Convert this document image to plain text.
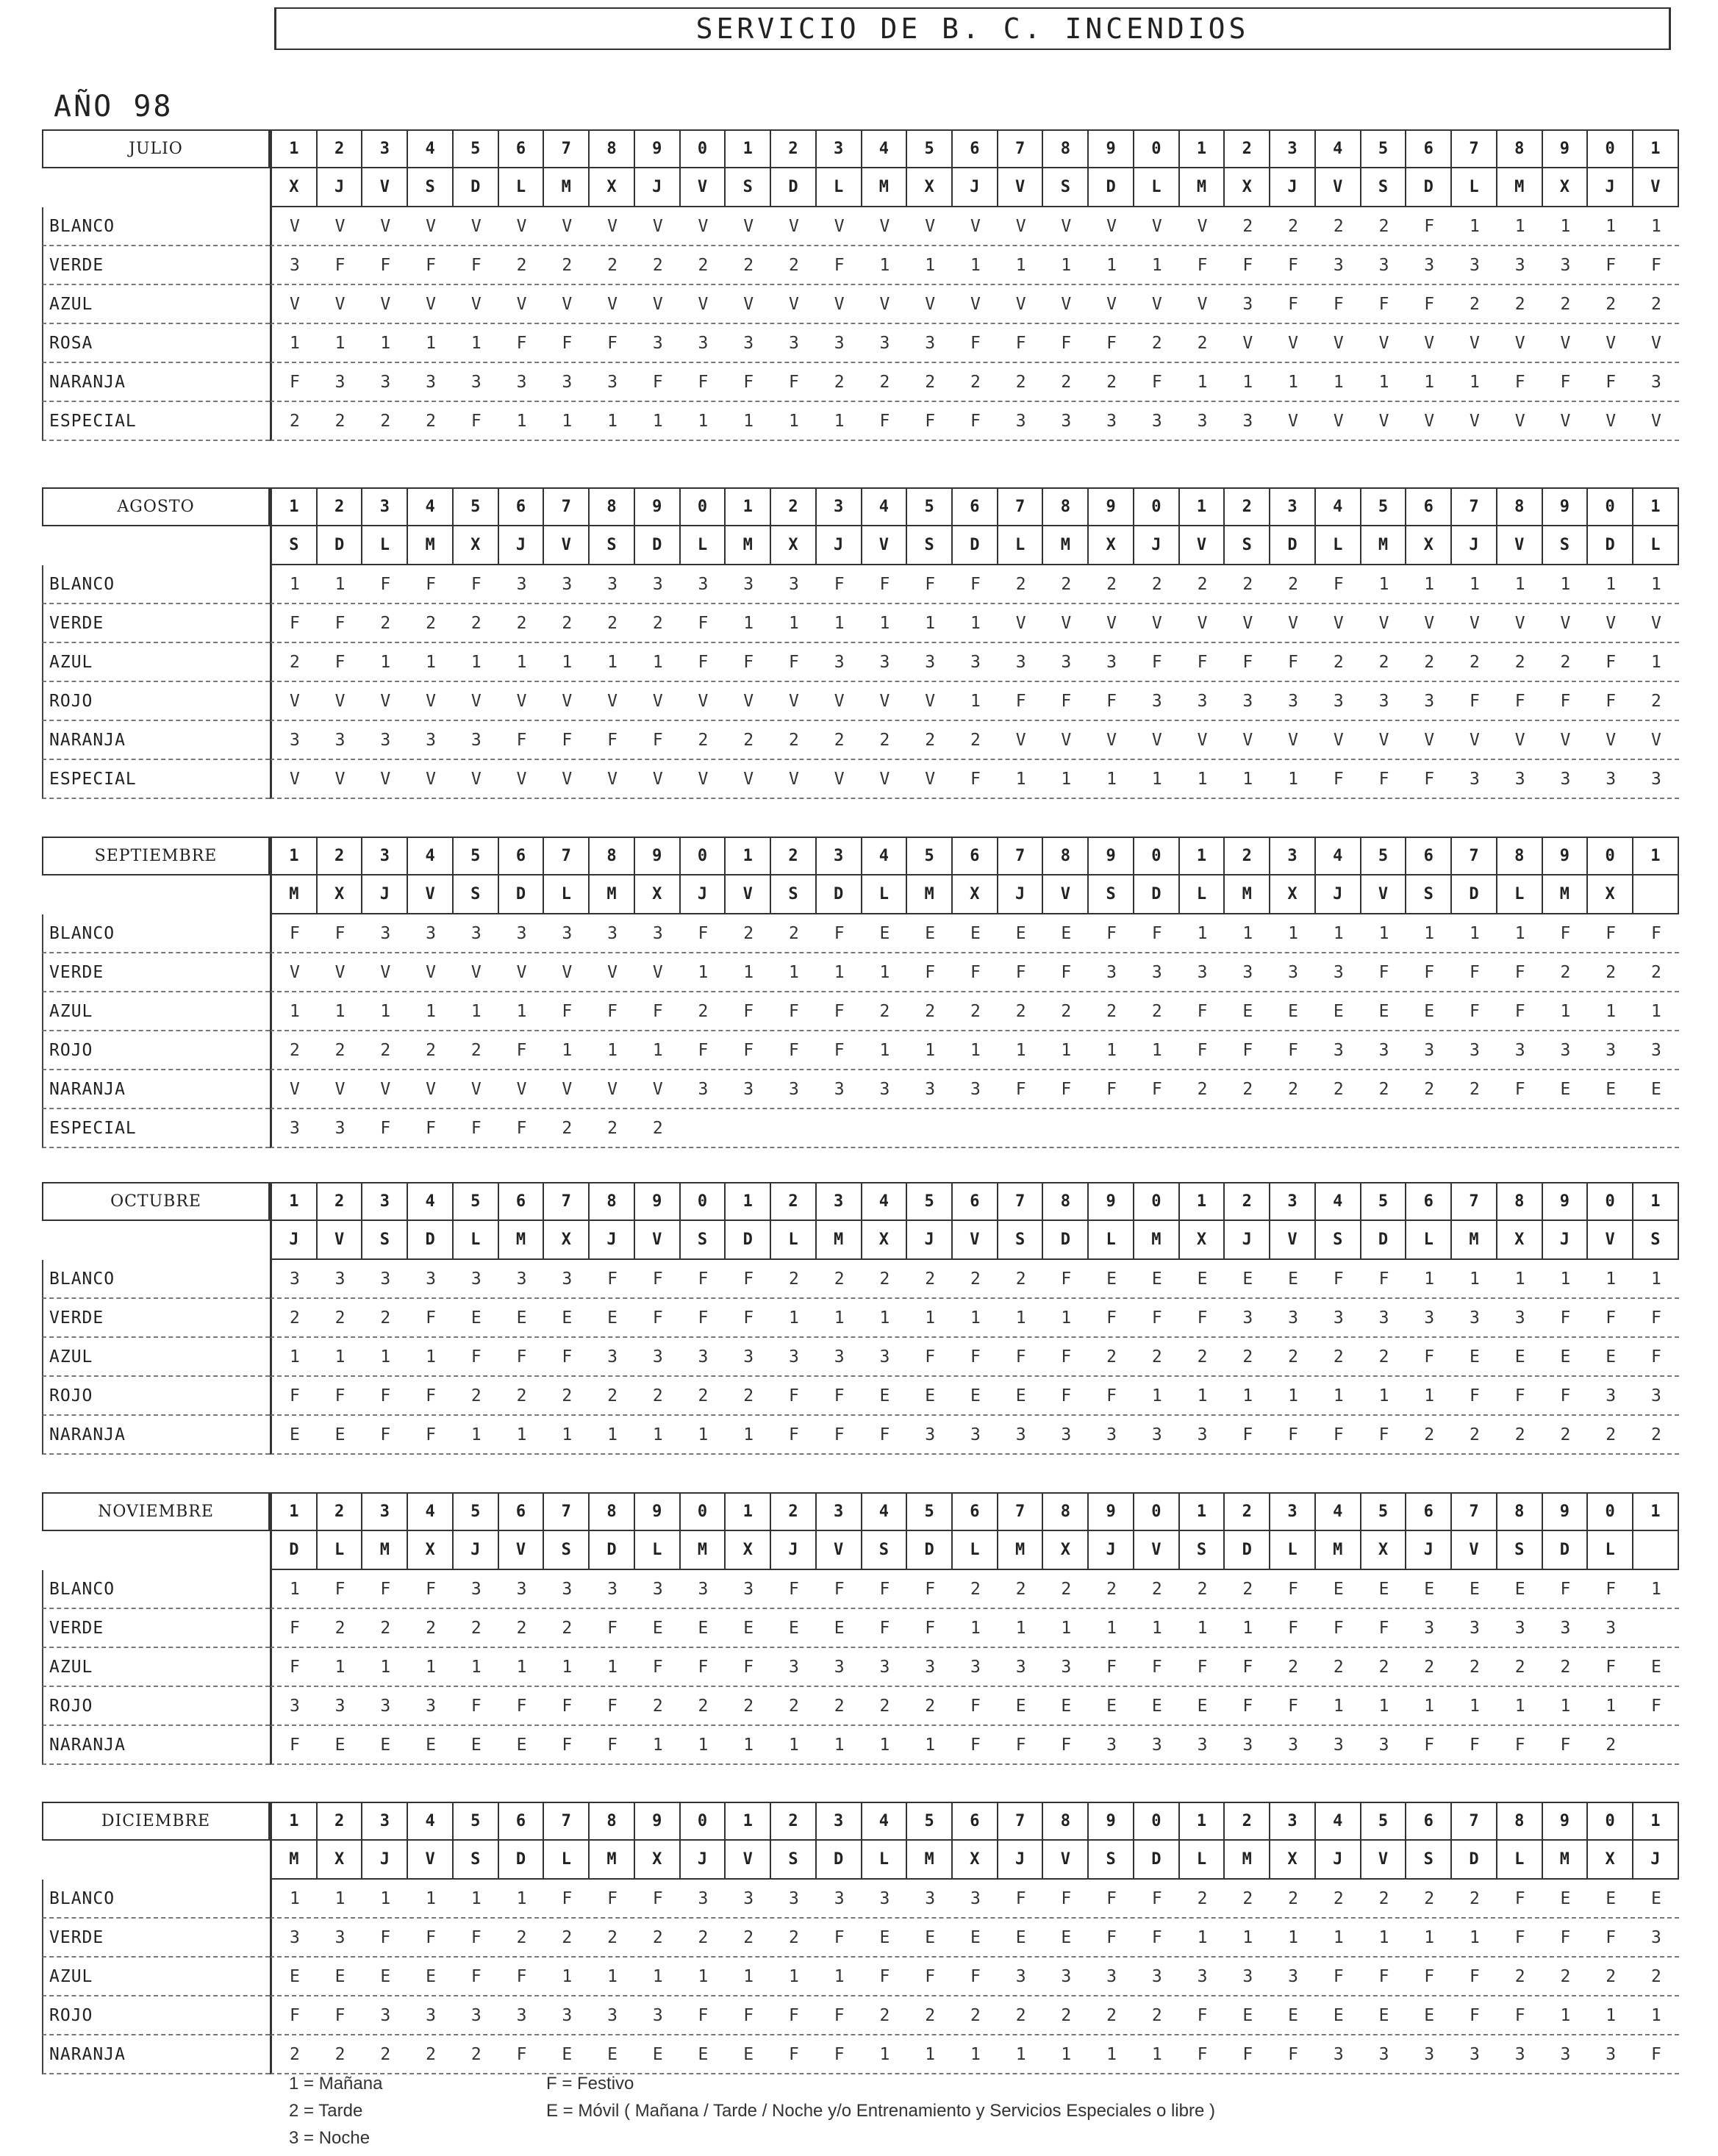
SERVICIO DE B. C. INCENDIOS
AÑO 98
JULIO	1	2	3	4	5	6	7	8	9	0	1	2	3	4	5	6	7	8	9	0	1	2	3	4	5	6	7	8	9	0	1
X	J	V	S	D	L	M	X	J	V	S	D	L	M	X	J	V	S	D	L	M	X	J	V	S	D	L	M	X	J	V
BLANCO	V	V	V	V	V	V	V	V	V	V	V	V	V	V	V	V	V	V	V	V	V	2	2	2	2	F	1	1	1	1	1
VERDE	3	F	F	F	F	2	2	2	2	2	2	2	F	1	1	1	1	1	1	1	F	F	F	3	3	3	3	3	3	F	F
AZUL	V	V	V	V	V	V	V	V	V	V	V	V	V	V	V	V	V	V	V	V	V	3	F	F	F	F	2	2	2	2	2
ROSA	1	1	1	1	1	F	F	F	3	3	3	3	3	3	3	F	F	F	F	2	2	V	V	V	V	V	V	V	V	V	V
NARANJA	F	3	3	3	3	3	3	3	F	F	F	F	2	2	2	2	2	2	2	F	1	1	1	1	1	1	1	F	F	F	3
ESPECIAL	2	2	2	2	F	1	1	1	1	1	1	1	1	F	F	F	3	3	3	3	3	3	V	V	V	V	V	V	V	V	V
AGOSTO	1	2	3	4	5	6	7	8	9	0	1	2	3	4	5	6	7	8	9	0	1	2	3	4	5	6	7	8	9	0	1
S	D	L	M	X	J	V	S	D	L	M	X	J	V	S	D	L	M	X	J	V	S	D	L	M	X	J	V	S	D	L
BLANCO	1	1	F	F	F	3	3	3	3	3	3	3	F	F	F	F	2	2	2	2	2	2	2	F	1	1	1	1	1	1	1
VERDE	F	F	2	2	2	2	2	2	2	F	1	1	1	1	1	1	V	V	V	V	V	V	V	V	V	V	V	V	V	V	V
AZUL	2	F	1	1	1	1	1	1	1	F	F	F	3	3	3	3	3	3	3	F	F	F	F	2	2	2	2	2	2	F	1
ROJO	V	V	V	V	V	V	V	V	V	V	V	V	V	V	V	1	F	F	F	3	3	3	3	3	3	3	F	F	F	F	2
NARANJA	3	3	3	3	3	F	F	F	F	2	2	2	2	2	2	2	V	V	V	V	V	V	V	V	V	V	V	V	V	V	V
ESPECIAL	V	V	V	V	V	V	V	V	V	V	V	V	V	V	V	F	1	1	1	1	1	1	1	F	F	F	3	3	3	3	3
SEPTIEMBRE	1	2	3	4	5	6	7	8	9	0	1	2	3	4	5	6	7	8	9	0	1	2	3	4	5	6	7	8	9	0	1
M	X	J	V	S	D	L	M	X	J	V	S	D	L	M	X	J	V	S	D	L	M	X	J	V	S	D	L	M	X
BLANCO	F	F	3	3	3	3	3	3	3	F	2	2	F	E	E	E	E	E	F	F	1	1	1	1	1	1	1	1	F	F	F
VERDE	V	V	V	V	V	V	V	V	V	1	1	1	1	1	F	F	F	F	3	3	3	3	3	3	F	F	F	F	2	2	2
AZUL	1	1	1	1	1	1	F	F	F	2	F	F	F	2	2	2	2	2	2	2	F	E	E	E	E	E	F	F	1	1	1
ROJO	2	2	2	2	2	F	1	1	1	F	F	F	F	1	1	1	1	1	1	1	F	F	F	3	3	3	3	3	3	3	3
NARANJA	V	V	V	V	V	V	V	V	V	3	3	3	3	3	3	3	F	F	F	F	2	2	2	2	2	2	2	F	E	E	E
ESPECIAL	3	3	F	F	F	F	2	2	2
OCTUBRE	1	2	3	4	5	6	7	8	9	0	1	2	3	4	5	6	7	8	9	0	1	2	3	4	5	6	7	8	9	0	1
J	V	S	D	L	M	X	J	V	S	D	L	M	X	J	V	S	D	L	M	X	J	V	S	D	L	M	X	J	V	S
BLANCO	3	3	3	3	3	3	3	F	F	F	F	2	2	2	2	2	2	F	E	E	E	E	E	F	F	1	1	1	1	1	1
VERDE	2	2	2	F	E	E	E	E	F	F	F	1	1	1	1	1	1	1	F	F	F	3	3	3	3	3	3	3	F	F	F
AZUL	1	1	1	1	F	F	F	3	3	3	3	3	3	3	F	F	F	F	2	2	2	2	2	2	2	F	E	E	E	E	F
ROJO	F	F	F	F	2	2	2	2	2	2	2	F	F	E	E	E	E	F	F	1	1	1	1	1	1	1	F	F	F	3	3
NARANJA	E	E	F	F	1	1	1	1	1	1	1	F	F	F	3	3	3	3	3	3	3	F	F	F	F	2	2	2	2	2	2
NOVIEMBRE	1	2	3	4	5	6	7	8	9	0	1	2	3	4	5	6	7	8	9	0	1	2	3	4	5	6	7	8	9	0	1
D	L	M	X	J	V	S	D	L	M	X	J	V	S	D	L	M	X	J	V	S	D	L	M	X	J	V	S	D	L
BLANCO	1	F	F	F	3	3	3	3	3	3	3	F	F	F	F	2	2	2	2	2	2	2	F	E	E	E	E	E	F	F	1
VERDE	F	2	2	2	2	2	2	F	E	E	E	E	E	F	F	1	1	1	1	1	1	1	F	F	F	3	3	3	3	3
AZUL	F	1	1	1	1	1	1	1	F	F	F	3	3	3	3	3	3	3	F	F	F	F	2	2	2	2	2	2	2	F	E
ROJO	3	3	3	3	F	F	F	F	2	2	2	2	2	2	2	F	E	E	E	E	E	F	F	1	1	1	1	1	1	1	F
NARANJA	F	E	E	E	E	E	F	F	1	1	1	1	1	1	1	F	F	F	3	3	3	3	3	3	3	F	F	F	F	2
DICIEMBRE	1	2	3	4	5	6	7	8	9	0	1	2	3	4	5	6	7	8	9	0	1	2	3	4	5	6	7	8	9	0	1
M	X	J	V	S	D	L	M	X	J	V	S	D	L	M	X	J	V	S	D	L	M	X	J	V	S	D	L	M	X	J
BLANCO	1	1	1	1	1	1	F	F	F	3	3	3	3	3	3	3	F	F	F	F	2	2	2	2	2	2	2	F	E	E	E
VERDE	3	3	F	F	F	2	2	2	2	2	2	2	F	E	E	E	E	E	F	F	1	1	1	1	1	1	1	F	F	F	3
AZUL	E	E	E	E	F	F	1	1	1	1	1	1	1	F	F	F	3	3	3	3	3	3	3	F	F	F	F	2	2	2	2
ROJO	F	F	3	3	3	3	3	3	3	F	F	F	F	2	2	2	2	2	2	2	F	E	E	E	E	E	F	F	1	1	1
NARANJA	2	2	2	2	2	F	E	E	E	E	E	F	F	1	1	1	1	1	1	1	F	F	F	3	3	3	3	3	3	3	F
1 = Mañana	F = Festivo
2 = Tarde	E = Móvil ( Mañana / Tarde / Noche y/o Entrenamiento y Servicios Especiales o libre )
3 = Noche
